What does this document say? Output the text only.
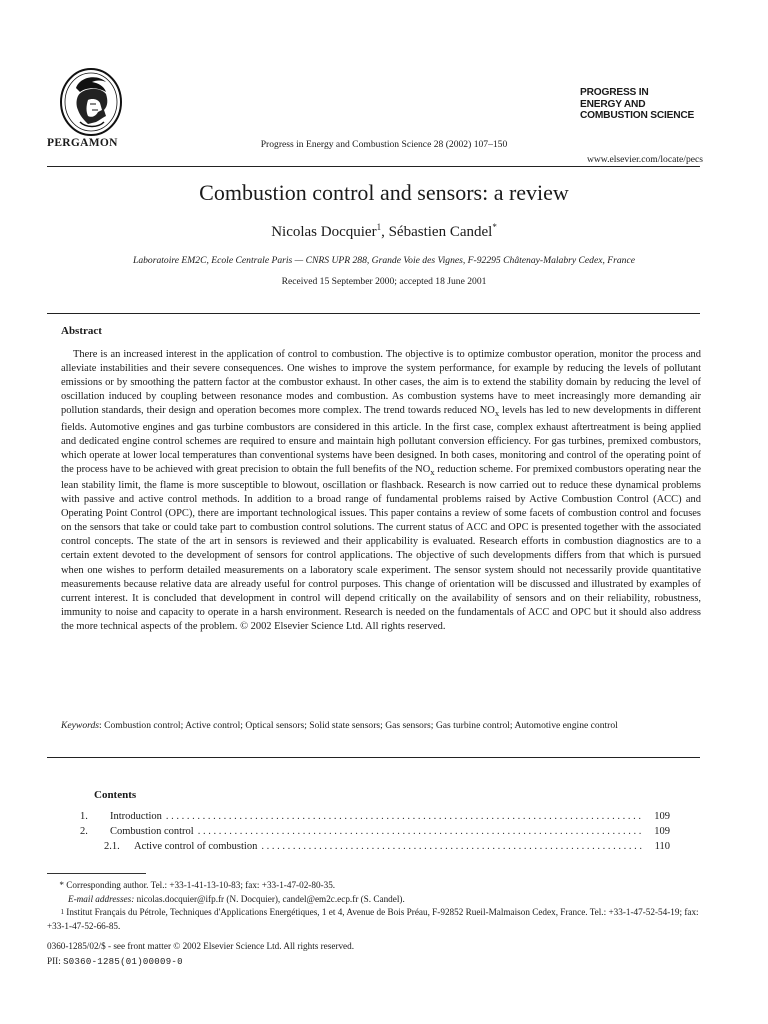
PERGAMON	Progress in Energy and Combustion Science 28 (2002) 107–150
PROGRESS IN
ENERGY AND
COMBUSTION SCIENCE
www.elsevier.com/locate/pecs
Combustion control and sensors: a review
Nicolas Docquier$^1$, Sébastien Candel*
Laboratoire EM2C, Ecole Centrale Paris — CNRS UPR 288, Grande Voie des Vignes, F-92295 Châtenay-Malabry Cedex, France
Received 15 September 2000; accepted 18 June 2001
Abstract

There is an increased interest in the application of control to combustion. The objective is to optimize combustor operation, monitor the process and alleviate instabilities and their severe consequences. One wishes to improve the system performance, for example by reducing the levels of pollutant emissions or by smoothing the pattern factor at the combustor exhaust. In other cases, the aim is to extend the stability domain by reducing the level of oscillation induced by coupling between resonance modes and combustion. As combustion systems have to meet increasingly more demanding air pollution standards, their design and operation becomes more complex. The trend towards reduced $NO_x$ levels has led to new developments in different fields. Automotive engines and gas turbine combustors are considered in this article. In the first case, complex exhaust aftertreatment is being applied and dedicated engine control schemes are required to ensure and maintain high pollutant conversion efficiency. For gas turbines, premixed combustors, which operate at lower local temperatures than conventional systems have been designed. In both cases, monitoring and control of the operating point of the process have to be achieved with great precision to obtain the full benefits of the $NO_x$ reduction scheme. For premixed combustors operating near the lean stability limit, the flame is more susceptible to blowout, oscillation or flashback. Research is now carried out to reduce these dynamical problems with passive and active control methods. In addition to a broad range of fundamental problems raised by Active Combustion Control (ACC) and Operating Point Control (OPC), there are important technological issues. This paper contains a review of some facets of combustion control and focuses on the sensors that take or could take part to combustion control solutions. The current status of ACC and OPC is presented together with the associated control concepts. The state of the art in sensors is reviewed and their applicability is evaluated. Research efforts in combustion diagnostics are to a certain extent devoted to the development of sensors for control applications. The objective of such developments differs from that which is pursued when one wishes to perform detailed measurements on a laboratory scale experiment. The sensor system should not necessarily provide quantitative measurements because relative data are already useful for control purposes. This change of orientation will be discussed and illustrated by examples of current interest. It is concluded that development in control will depend critically on the availability of sensors and on their reliability, robustness, immunity to noise and capacity to operate in a harsh environment. Research is needed on the fundamentals of ACC and OPC but it should also address the more technical aspects of the problem. © 2002 Elsevier Science Ltd. All rights reserved.

Keywords: Combustion control; Active control; Optical sensors; Solid state sensors; Gas sensors; Gas turbine control; Automotive engine control

Contents
1.	Introduction . . .	109
2.	Combustion control . . .	109
2.1.	Active control of combustion . . .	110

* Corresponding author. Tel.: +33-1-41-13-10-83; fax: +33-1-47-02-80-35.

E-mail addresses: nicolas.docquier@ifp.fr (N. Docquier), candel@em2c.ecp.fr (S. Candel).

1 Institut Français du Pétrole, Techniques d'Applications Energétiques, 1 et 4, Avenue de Bois Préau, F-92852 Rueil-Malmaison Cedex, France. Tel.: +33-1-47-52-54-19; fax: +33-1-47-52-66-85.

0360-1285/02/$ - see front matter © 2002 Elsevier Science Ltd. All rights reserved.
PII: S0360-1285(01)00009-0
